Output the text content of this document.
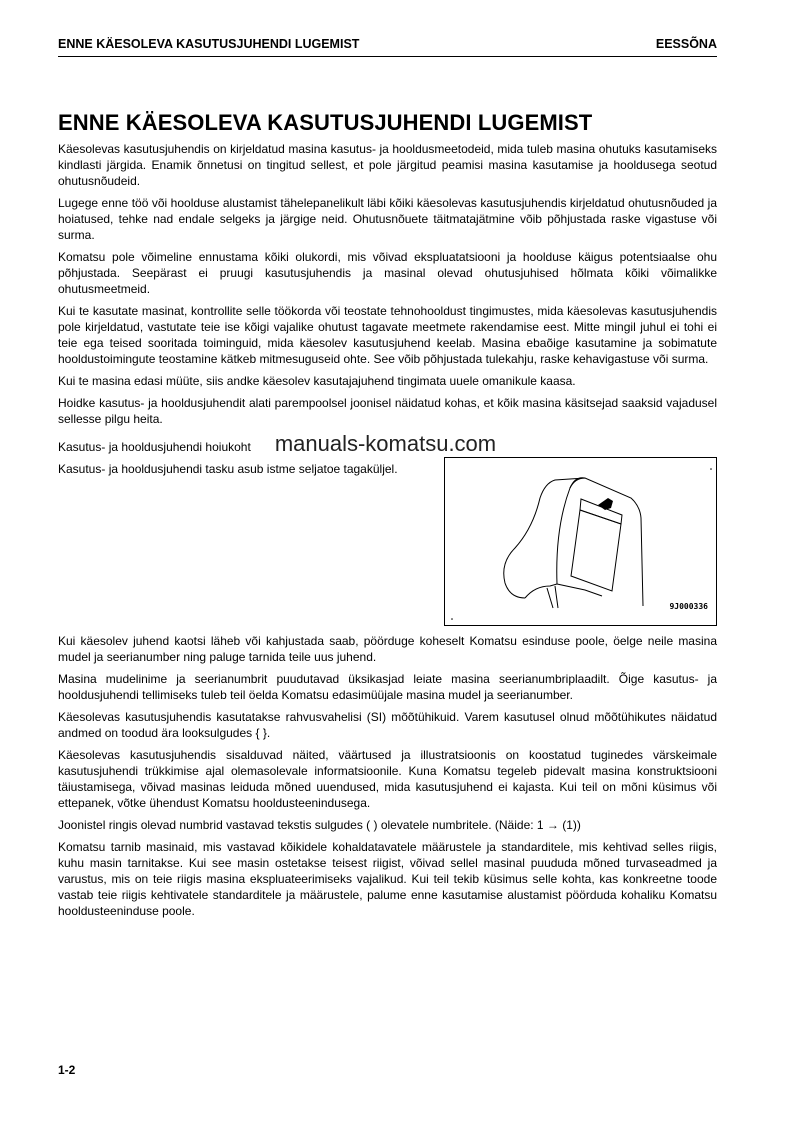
ENNE KÄESOLEVA KASUTUSJUHENDI LUGEMIST	EESSÕNA
ENNE KÄESOLEVA KASUTUSJUHENDI LUGEMIST

Käesolevas kasutusjuhendis on kirjeldatud masina kasutus- ja hooldusmeetodeid, mida tuleb masina ohutuks kasutamiseks kindlasti järgida. Enamik õnnetusi on tingitud sellest, et pole järgitud peamisi masina kasutamise ja hooldusega seotud ohutusnõudeid.

Lugege enne töö või hoolduse alustamist tähelepanelikult läbi kõiki käesolevas kasutusjuhendis kirjeldatud ohutusnõuded ja hoiatused, tehke nad endale selgeks ja järgige neid. Ohutusnõuete täitmatajätmine võib põhjustada raske vigastuse või surma.

Komatsu pole võimeline ennustama kõiki olukordi, mis võivad ekspluatatsiooni ja hoolduse käigus potentsiaalse ohu põhjustada. Seepärast ei pruugi kasutusjuhendis ja masinal olevad ohutusjuhised hõlmata kõiki võimalikke ohutusmeetmeid.

Kui te kasutate masinat, kontrollite selle töökorda või teostate tehnohooldust tingimustes, mida käesolevas kasutusjuhendis pole kirjeldatud, vastutate teie ise kõigi vajalike ohutust tagavate meetmete rakendamise eest. Mitte mingil juhul ei tohi ei teie ega teised sooritada toiminguid, mida käesolev kasutusjuhend keelab. Masina ebaõige kasutamine ja sobimatute hooldustoimingute teostamine kätkeb mitmesuguseid ohte. See võib põhjustada tulekahju, raske kehavigastuse või surma.

Kui te masina edasi müüte, siis andke käesolev kasutajajuhend tingimata uuele omanikule kaasa.

Hoidke kasutus- ja hooldusjuhendit alati parempoolsel joonisel näidatud kohas, et kõik masina käsitsejad saaksid vajadusel sellesse pilgu heita.

Kasutus- ja hooldusjuhendi hoiukoht manuals-komatsu.com

Kasutus- ja hooldusjuhendi tasku asub istme seljatoe tagaküljel.

9J000336

Kui käesolev juhend kaotsi läheb või kahjustada saab, pöörduge koheselt Komatsu esinduse poole, öelge neile masina mudel ja seerianumber ning paluge tarnida teile uus juhend.

Masina mudelinime ja seerianumbrit puudutavad üksikasjad leiate masina seerianumbriplaadilt. Õige kasutus- ja hooldusjuhendi tellimiseks tuleb teil öelda Komatsu edasimüüjale masina mudel ja seerianumber.

Käesolevas kasutusjuhendis kasutatakse rahvusvahelisi (SI) mõõtühikuid. Varem kasutusel olnud mõõtühikutes näidatud andmed on toodud ära looksulgudes { }.

Käesolevas kasutusjuhendis sisalduvad näited, väärtused ja illustratsioonis on koostatud tuginedes värskeimale kasutusjuhendi trükkimise ajal olemasolevale informatsioonile. Kuna Komatsu tegeleb pidevalt masina konstruktsiooni täiustamisega, võivad masinas leiduda mõned uuendused, mida kasutusjuhend ei kajasta. Kui teil on mõni küsimus või ettepanek, võtke ühendust Komatsu hooldusteenindusega.

Joonistel ringis olevad numbrid vastavad tekstis sulgudes ( ) olevatele numbritele. (Näide: 1 → (1))

Komatsu tarnib masinaid, mis vastavad kõikidele kohaldatavatele määrustele ja standarditele, mis kehtivad selles riigis, kuhu masin tarnitakse. Kui see masin ostetakse teisest riigist, võivad sellel masinal puududa mõned turvaseadmed ja varustus, mis on teie riigis masina ekspluateerimiseks vajalikud. Kui teil tekib küsimus selle kohta, kas konkreetne toode vastab teie riigis kehtivatele standarditele ja määrustele, palume enne kasutamise alustamist pöörduda kohaliku Komatsu hooldusteeninduse poole.

1-2
